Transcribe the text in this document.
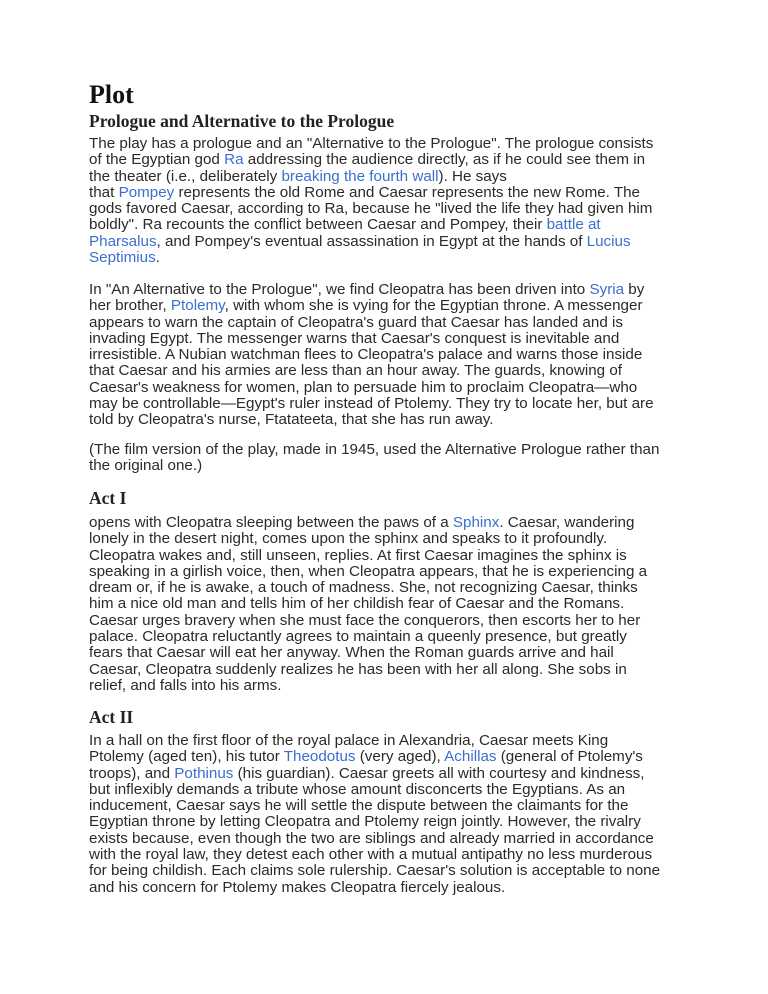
Plot
Prologue and Alternative to the Prologue
The play has a prologue and an "Alternative to the Prologue". The prologue consists
of the Egyptian god Ra addressing the audience directly, as if he could see them in
the theater (i.e., deliberately breaking the fourth wall). He says
that Pompey represents the old Rome and Caesar represents the new Rome. The
gods favored Caesar, according to Ra, because he "lived the life they had given him
boldly". Ra recounts the conflict between Caesar and Pompey, their battle at
Pharsalus, and Pompey's eventual assassination in Egypt at the hands of Lucius
Septimius.
In "An Alternative to the Prologue", we find Cleopatra has been driven into Syria by
her brother, Ptolemy, with whom she is vying for the Egyptian throne. A messenger
appears to warn the captain of Cleopatra's guard that Caesar has landed and is
invading Egypt. The messenger warns that Caesar's conquest is inevitable and
irresistible. A Nubian watchman flees to Cleopatra's palace and warns those inside
that Caesar and his armies are less than an hour away. The guards, knowing of
Caesar's weakness for women, plan to persuade him to proclaim Cleopatra—who
may be controllable—Egypt's ruler instead of Ptolemy. They try to locate her, but are
told by Cleopatra's nurse, Ftatateeta, that she has run away.
(The film version of the play, made in 1945, used the Alternative Prologue rather than
the original one.)
Act I
opens with Cleopatra sleeping between the paws of a Sphinx. Caesar, wandering
lonely in the desert night, comes upon the sphinx and speaks to it profoundly.
Cleopatra wakes and, still unseen, replies. At first Caesar imagines the sphinx is
speaking in a girlish voice, then, when Cleopatra appears, that he is experiencing a
dream or, if he is awake, a touch of madness. She, not recognizing Caesar, thinks
him a nice old man and tells him of her childish fear of Caesar and the Romans.
Caesar urges bravery when she must face the conquerors, then escorts her to her
palace. Cleopatra reluctantly agrees to maintain a queenly presence, but greatly
fears that Caesar will eat her anyway. When the Roman guards arrive and hail
Caesar, Cleopatra suddenly realizes he has been with her all along. She sobs in
relief, and falls into his arms.
Act II
In a hall on the first floor of the royal palace in Alexandria, Caesar meets King
Ptolemy (aged ten), his tutor Theodotus (very aged), Achillas (general of Ptolemy's
troops), and Pothinus (his guardian). Caesar greets all with courtesy and kindness,
but inflexibly demands a tribute whose amount disconcerts the Egyptians. As an
inducement, Caesar says he will settle the dispute between the claimants for the
Egyptian throne by letting Cleopatra and Ptolemy reign jointly. However, the rivalry
exists because, even though the two are siblings and already married in accordance
with the royal law, they detest each other with a mutual antipathy no less murderous
for being childish. Each claims sole rulership. Caesar's solution is acceptable to none
and his concern for Ptolemy makes Cleopatra fiercely jealous.
